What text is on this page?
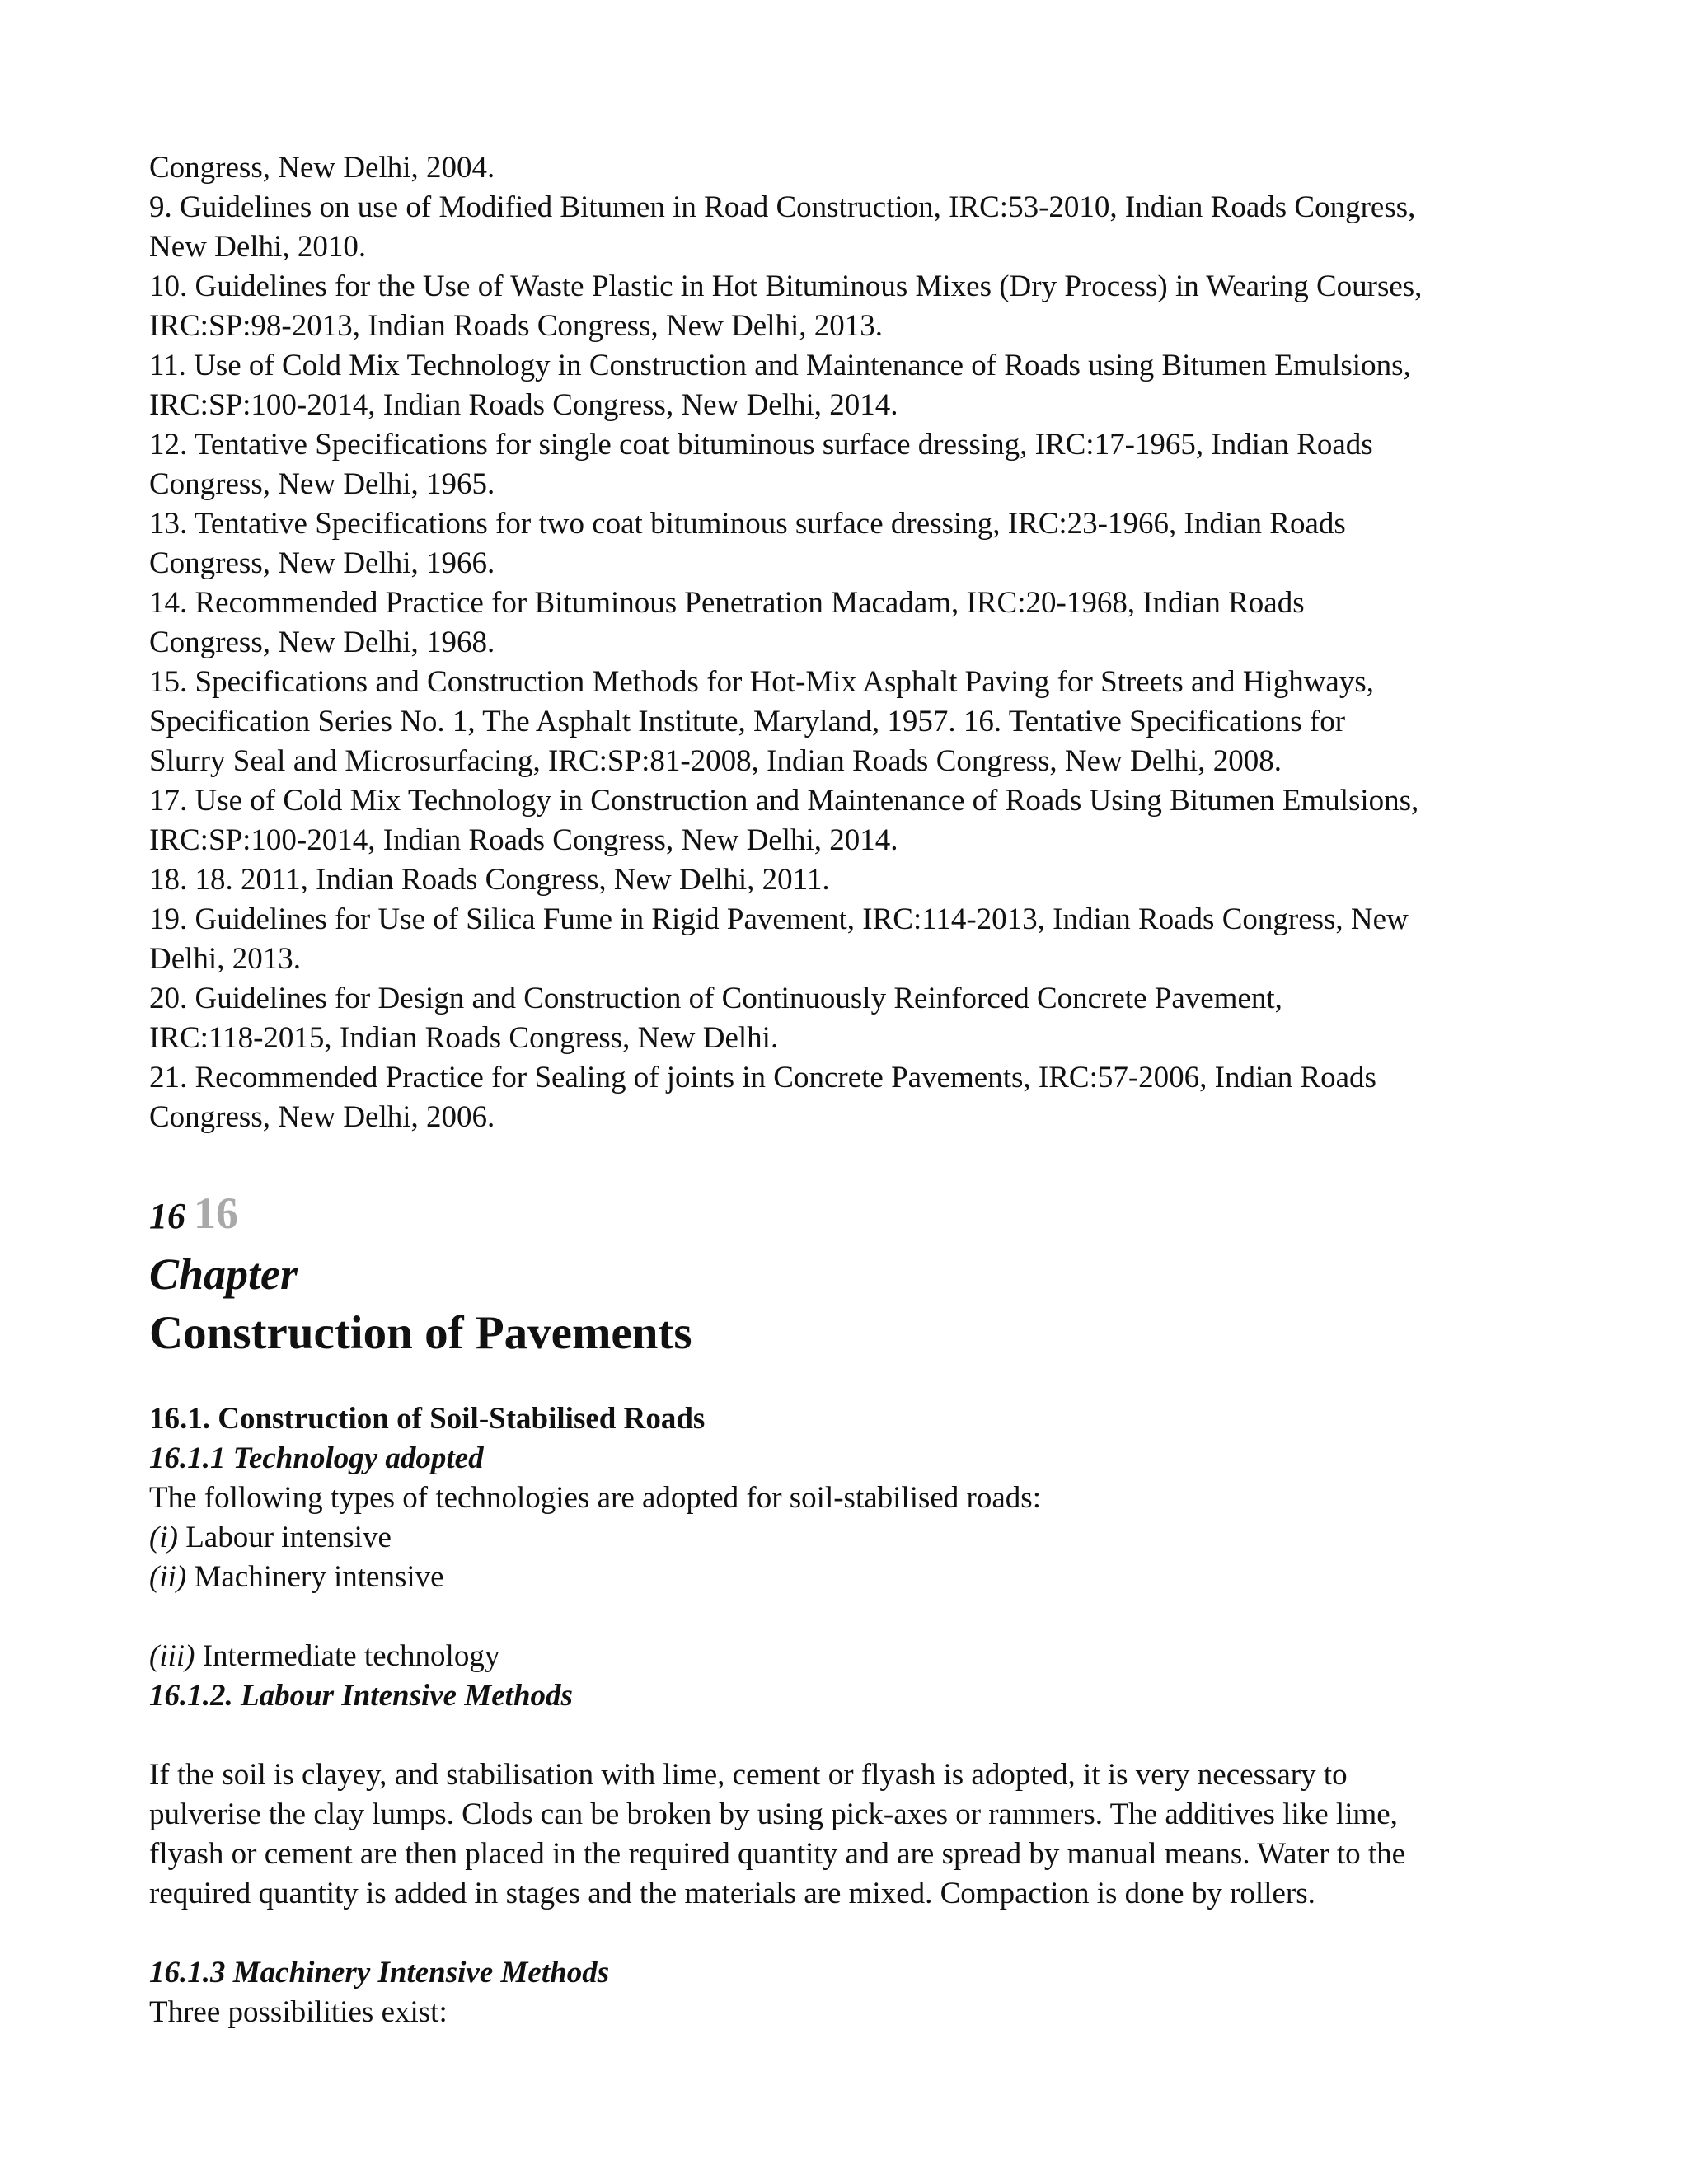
Congress, New Delhi, 2004.
9. Guidelines on use of Modified Bitumen in Road Construction, IRC:53-2010, Indian Roads Congress,
New Delhi, 2010.
10. Guidelines for the Use of Waste Plastic in Hot Bituminous Mixes (Dry Process) in Wearing Courses,
IRC:SP:98-2013, Indian Roads Congress, New Delhi, 2013.
11. Use of Cold Mix Technology in Construction and Maintenance of Roads using Bitumen Emulsions,
IRC:SP:100-2014, Indian Roads Congress, New Delhi, 2014.
12. Tentative Specifications for single coat bituminous surface dressing, IRC:17-1965, Indian Roads
Congress, New Delhi, 1965.
13. Tentative Specifications for two coat bituminous surface dressing, IRC:23-1966, Indian Roads
Congress, New Delhi, 1966.
14. Recommended Practice for Bituminous Penetration Macadam, IRC:20-1968, Indian Roads
Congress, New Delhi, 1968.
15. Specifications and Construction Methods for Hot-Mix Asphalt Paving for Streets and Highways,
Specification Series No. 1, The Asphalt Institute, Maryland, 1957. 16. Tentative Specifications for
Slurry Seal and Microsurfacing, IRC:SP:81-2008, Indian Roads Congress, New Delhi, 2008.
17. Use of Cold Mix Technology in Construction and Maintenance of Roads Using Bitumen Emulsions,
IRC:SP:100-2014, Indian Roads Congress, New Delhi, 2014.
18. 18. 2011, Indian Roads Congress, New Delhi, 2011.
19. Guidelines for Use of Silica Fume in Rigid Pavement, IRC:114-2013, Indian Roads Congress, New
Delhi, 2013.
20. Guidelines for Design and Construction of Continuously Reinforced Concrete Pavement,
IRC:118-2015, Indian Roads Congress, New Delhi.
21. Recommended Practice for Sealing of joints in Concrete Pavements, IRC:57-2006, Indian Roads
Congress, New Delhi, 2006.
16 16
Chapter
Construction of Pavements
16.1. Construction of Soil-Stabilised Roads
16.1.1 Technology adopted
The following types of technologies are adopted for soil-stabilised roads:
(i) Labour intensive
(ii) Machinery intensive
(iii) Intermediate technology
16.1.2. Labour Intensive Methods
If the soil is clayey, and stabilisation with lime, cement or flyash is adopted, it is very necessary to
pulverise the clay lumps. Clods can be broken by using pick-axes or rammers. The additives like lime,
flyash or cement are then placed in the required quantity and are spread by manual means. Water to the
required quantity is added in stages and the materials are mixed. Compaction is done by rollers.
16.1.3 Machinery Intensive Methods
Three possibilities exist:
